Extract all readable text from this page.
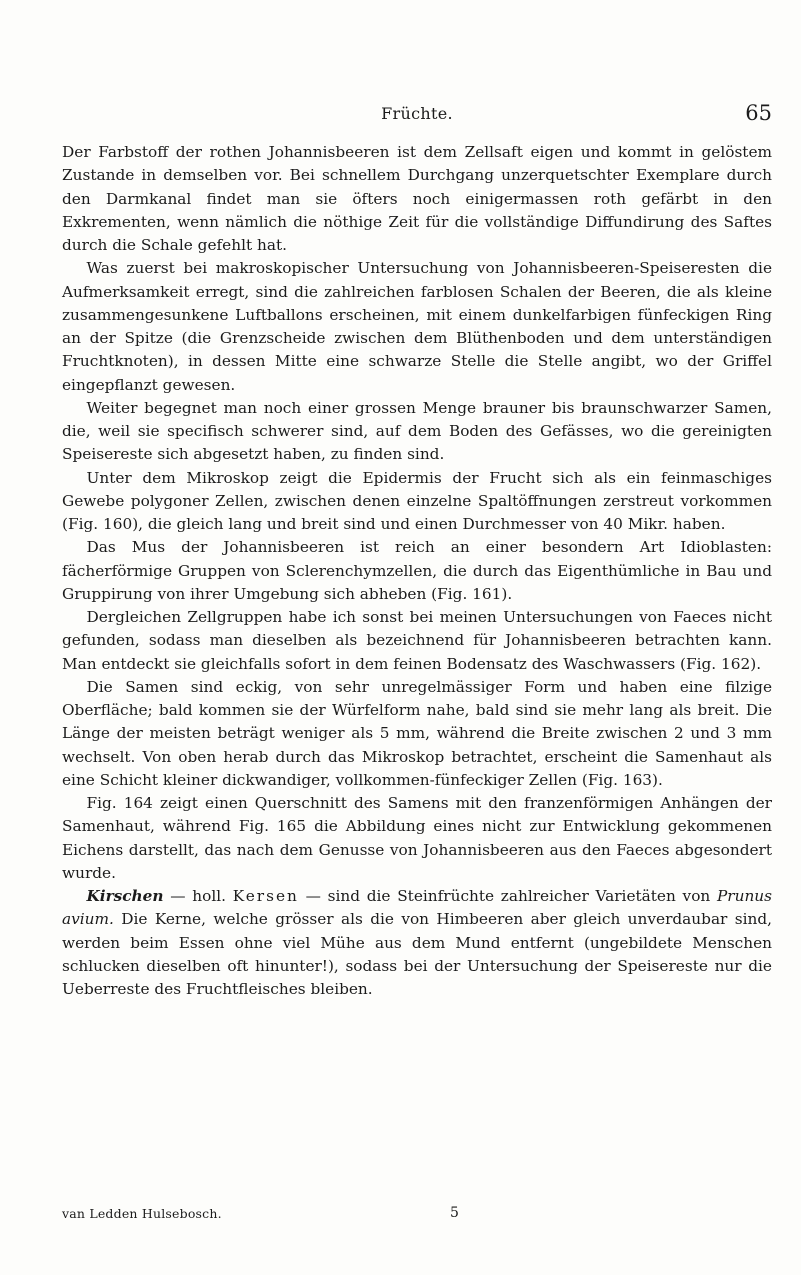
Früchte.	65

Der Farbstoff der rothen Johannisbeeren ist dem Zellsaft eigen und kommt in gelöstem Zustande in demselben vor. Bei schnellem Durchgang unzerquetschter Exemplare durch den Darmkanal findet man sie öfters noch einigermassen roth gefärbt in den Exkrementen, wenn nämlich die nöthige Zeit für die vollständige Diffundirung des Saftes durch die Schale gefehlt hat.

Was zuerst bei makroskopischer Untersuchung von Johannisbeeren-Speiseresten die Aufmerksamkeit erregt, sind die zahlreichen farblosen Schalen der Beeren, die als kleine zusammengesunkene Luftballons erscheinen, mit einem dunkelfarbigen fünfeckigen Ring an der Spitze (die Grenzscheide zwischen dem Blüthenboden und dem unterständigen Fruchtknoten), in dessen Mitte eine schwarze Stelle die Stelle angibt, wo der Griffel eingepflanzt gewesen.

Weiter begegnet man noch einer grossen Menge brauner bis braunschwarzer Samen, die, weil sie specifisch schwerer sind, auf dem Boden des Gefässes, wo die gereinigten Speisereste sich abgesetzt haben, zu finden sind.

Unter dem Mikroskop zeigt die Epidermis der Frucht sich als ein feinmaschiges Gewebe polygoner Zellen, zwischen denen einzelne Spaltöffnungen zerstreut vorkommen (Fig. 160), die gleich lang und breit sind und einen Durchmesser von 40 Mikr. haben.

Das Mus der Johannisbeeren ist reich an einer besondern Art Idioblasten: fächerförmige Gruppen von Sclerenchymzellen, die durch das Eigenthümliche in Bau und Gruppirung von ihrer Umgebung sich abheben (Fig. 161).

Dergleichen Zellgruppen habe ich sonst bei meinen Untersuchungen von Faeces nicht gefunden, sodass man dieselben als bezeichnend für Johannisbeeren betrachten kann. Man entdeckt sie gleichfalls sofort in dem feinen Bodensatz des Waschwassers (Fig. 162).

Die Samen sind eckig, von sehr unregelmässiger Form und haben eine filzige Oberfläche; bald kommen sie der Würfelform nahe, bald sind sie mehr lang als breit. Die Länge der meisten beträgt weniger als 5 mm, während die Breite zwischen 2 und 3 mm wechselt. Von oben herab durch das Mikroskop betrachtet, erscheint die Samenhaut als eine Schicht kleiner dickwandiger, vollkommen-fünfeckiger Zellen (Fig. 163).

Fig. 164 zeigt einen Querschnitt des Samens mit den franzenförmigen Anhängen der Samenhaut, während Fig. 165 die Abbildung eines nicht zur Entwicklung gekommenen Eichens darstellt, das nach dem Genusse von Johannisbeeren aus den Faeces abgesondert wurde.

Kirschen — holl. Kersen — sind die Steinfrüchte zahlreicher Varietäten von Prunus avium. Die Kerne, welche grösser als die von Himbeeren aber gleich unverdaubar sind, werden beim Essen ohne viel Mühe aus dem Mund entfernt (ungebildete Menschen schlucken dieselben oft hinunter!), sodass bei der Untersuchung der Speisereste nur die Ueberreste des Fruchtfleisches bleiben.

van Ledden Hulsebosch.	5
